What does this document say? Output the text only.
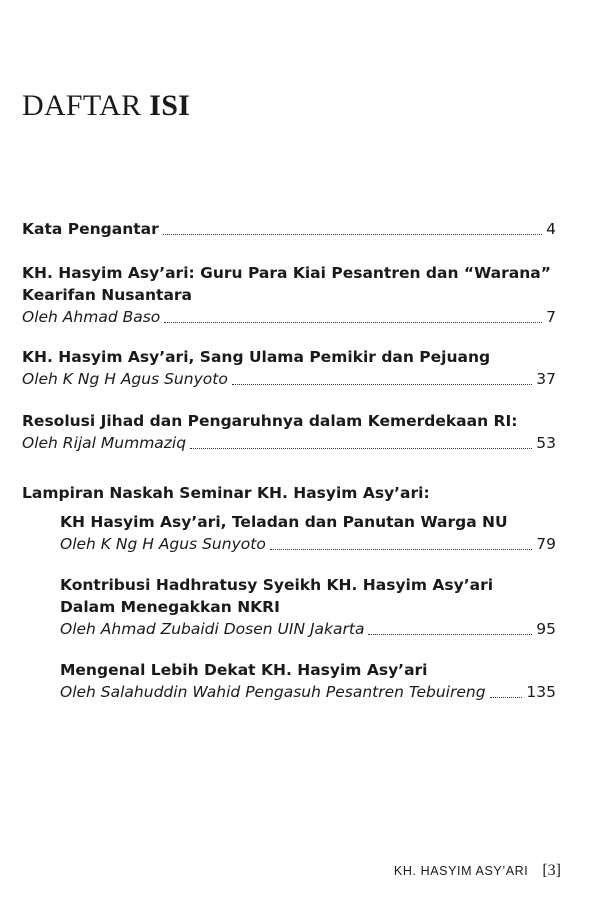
DAFTAR ISI
Kata Pengantar	4
KH. Hasyim Asy’ari: Guru Para Kiai Pesantren dan “Warana”
Kearifan Nusantara
Oleh Ahmad Baso	7
KH. Hasyim Asy’ari, Sang Ulama Pemikir dan Pejuang
Oleh K Ng H Agus Sunyoto	37
Resolusi Jihad dan Pengaruhnya dalam Kemerdekaan RI:
Oleh Rijal Mummaziq	53
Lampiran Naskah Seminar KH. Hasyim Asy’ari:
KH Hasyim Asy’ari, Teladan dan Panutan Warga NU
Oleh K Ng H Agus Sunyoto	79
Kontribusi Hadhratusy Syeikh KH. Hasyim Asy’ari
Dalam Menegakkan NKRI
Oleh Ahmad Zubaidi Dosen UIN Jakarta	95
Mengenal Lebih Dekat KH. Hasyim Asy’ari
Oleh Salahuddin Wahid Pengasuh Pesantren Tebuireng	135
KH. HASYIM ASY’ARI [3]
